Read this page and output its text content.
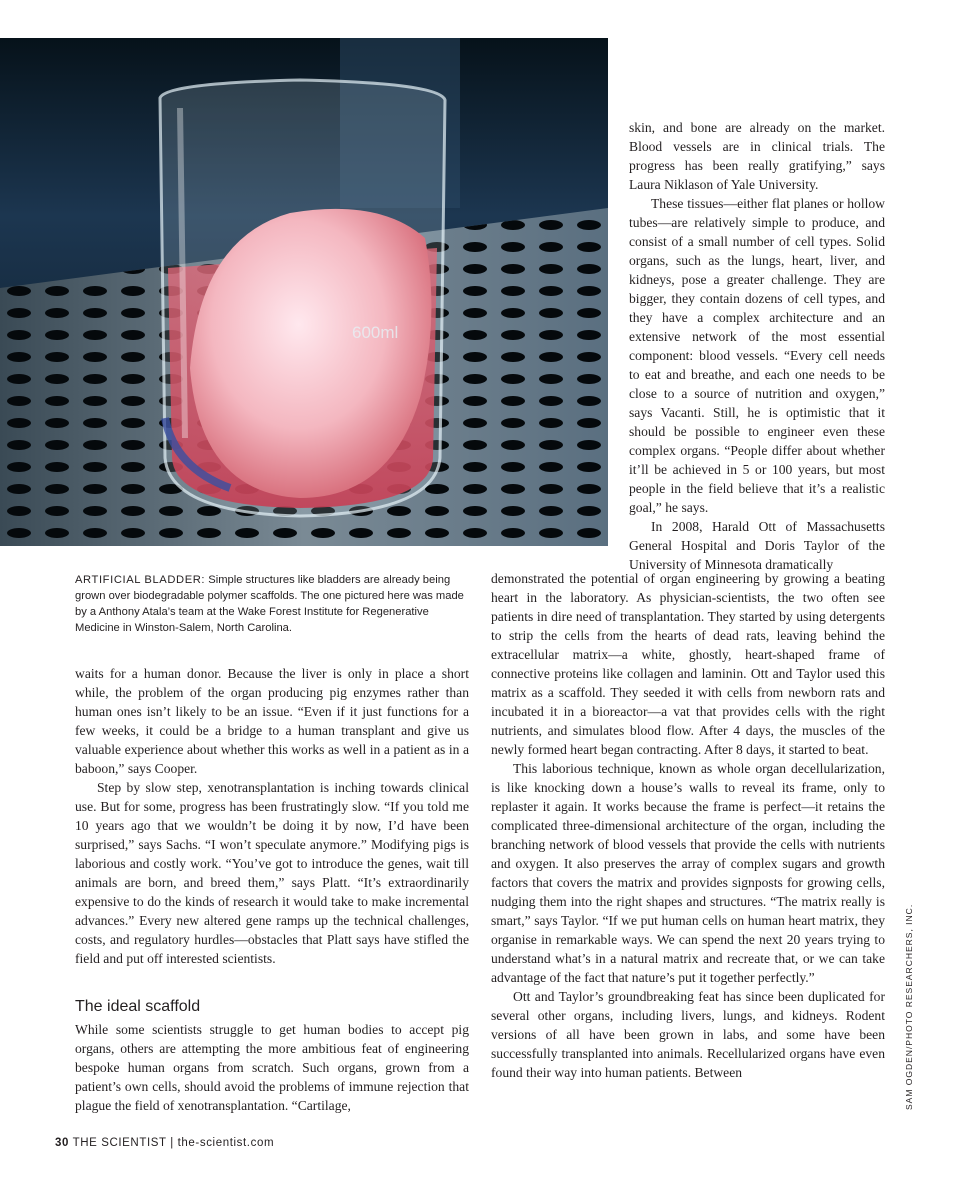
600ml
ARTIFICIAL BLADDER: Simple structures like bladders are already being grown over biodegradable polymer scaffolds. The one pictured here was made by a Anthony Atala’s team at the Wake Forest Institute for Regenerative Medicine in Winston-Salem, North Carolina.

waits for a human donor. Because the liver is only in place a short while, the problem of the organ producing pig enzymes rather than human ones isn’t likely to be an issue. “Even if it just functions for a few weeks, it could be a bridge to a human transplant and give us valuable experience about whether this works as well in a patient as in a baboon,” says Cooper.

Step by slow step, xenotransplantation is inching towards clinical use. But for some, progress has been frustratingly slow. “If you told me 10 years ago that we wouldn’t be doing it by now, I’d have been surprised,” says Sachs. “I won’t speculate anymore.” Modifying pigs is laborious and costly work. “You’ve got to introduce the genes, wait till animals are born, and breed them,” says Platt. “It’s extraordinarily expensive to do the kinds of research it would take to make incremental advances.” Every new altered gene ramps up the technical challenges, costs, and regulatory hurdles—obstacles that Platt says have stifled the field and put off interested scientists.

The ideal scaffold

While some scientists struggle to get human bodies to accept pig organs, others are attempting the more ambitious feat of engineering bespoke human organs from scratch. Such organs, grown from a patient’s own cells, should avoid the problems of immune rejection that plague the field of xenotransplantation. “Cartilage,

skin, and bone are already on the market. Blood vessels are in clinical trials. The progress has been really gratifying,” says Laura Niklason of Yale University.

These tissues—either flat planes or hollow tubes—are relatively simple to produce, and consist of a small number of cell types. Solid organs, such as the lungs, heart, liver, and kidneys, pose a greater challenge. They are bigger, they contain dozens of cell types, and they have a complex architecture and an extensive network of the most essential component: blood vessels. “Every cell needs to eat and breathe, and each one needs to be close to a source of nutrition and oxygen,” says Vacanti. Still, he is optimistic that it should be possible to engineer even these complex organs. “People differ about whether it’ll be achieved in 5 or 100 years, but most people in the field believe that it’s a realistic goal,” he says.

In 2008, Harald Ott of Massachusetts General Hospital and Doris Taylor of the University of Minnesota dramatically

demonstrated the potential of organ engineering by growing a beating heart in the laboratory. As physician-scientists, the two often see patients in dire need of transplantation. They started by using detergents to strip the cells from the hearts of dead rats, leaving behind the extracellular matrix—a white, ghostly, heart-shaped frame of connective proteins like collagen and laminin. Ott and Taylor used this matrix as a scaffold. They seeded it with cells from newborn rats and incubated it in a bioreactor—a vat that provides cells with the right nutrients, and simulates blood flow. After 4 days, the muscles of the newly formed heart began contracting. After 8 days, it started to beat.

This laborious technique, known as whole organ decellularization, is like knocking down a house’s walls to reveal its frame, only to replaster it again. It works because the frame is perfect—it retains the complicated three-dimensional architecture of the organ, including the branching network of blood vessels that provide the cells with nutrients and oxygen. It also preserves the array of complex sugars and growth factors that covers the matrix and provides signposts for growing cells, nudging them into the right shapes and structures. “The matrix really is smart,” says Taylor. “If we put human cells on human heart matrix, they organise in remarkable ways. We can spend the next 20 years trying to understand what’s in a natural matrix and recreate that, or we can take advantage of the fact that nature’s put it together perfectly.”

Ott and Taylor’s groundbreaking feat has since been duplicated for several other organs, including livers, lungs, and kidneys. Rodent versions of all have been grown in labs, and some have been successfully transplanted into animals. Recellularized organs have even found their way into human patients. Between	SAM OGDEN/PHOTO RESEARCHERS, INC.
30 THE SCIENTIST | the-scientist.com
